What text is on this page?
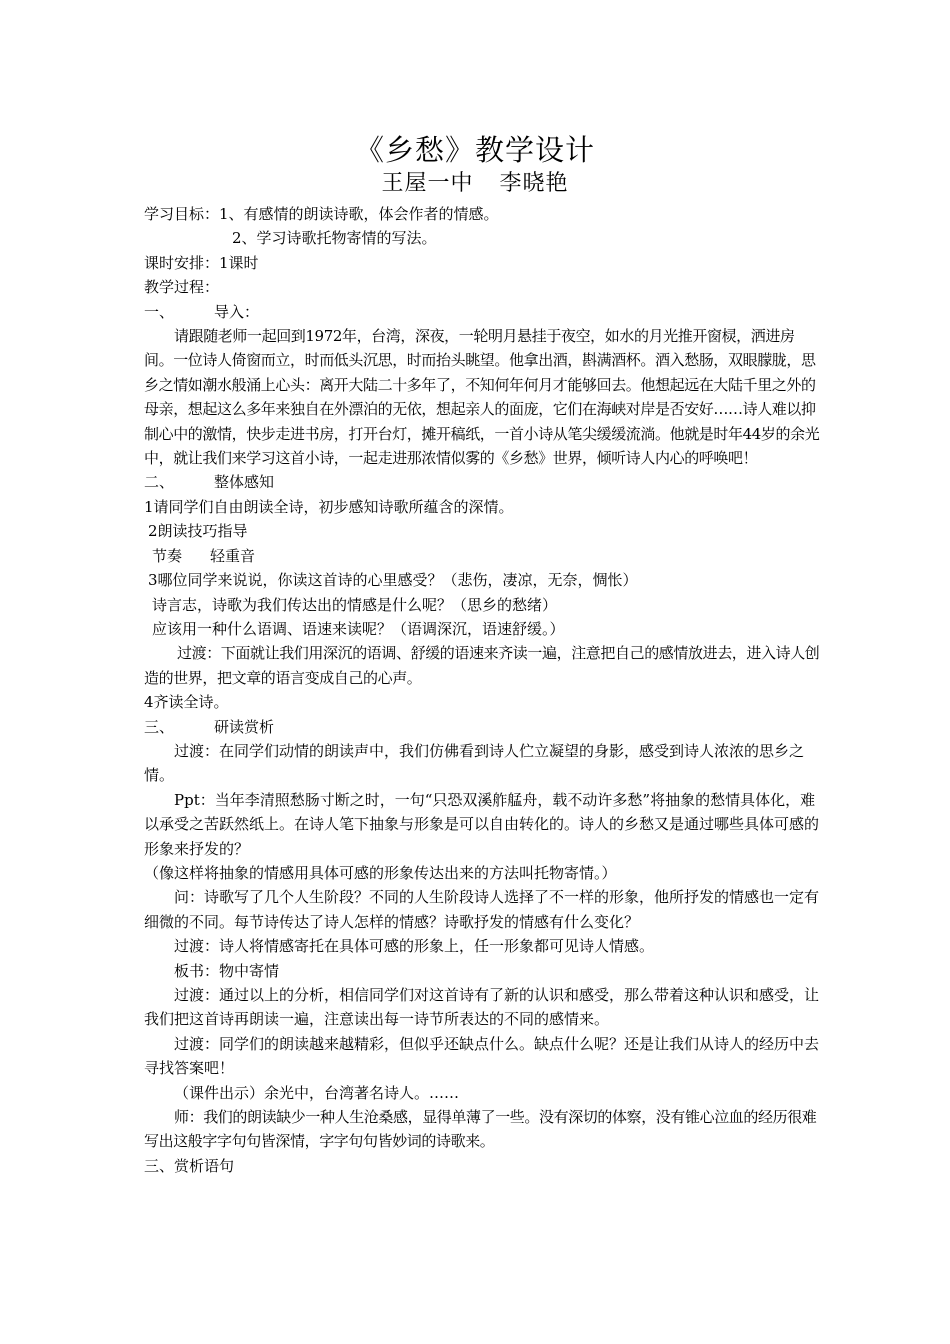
《乡愁》教学设计
王屋一中 李晓艳

学习目标：1、有感情的朗读诗歌，体会作者的情感。

2、学习诗歌托物寄情的写法。

课时安排：1课时

教学过程：

一、	导入：

请跟随老师一起回到1972年，台湾，深夜，一轮明月悬挂于夜空，如水的月光推开窗棂，洒进房间。一位诗人倚窗而立，时而低头沉思，时而抬头眺望。他拿出酒，斟满酒杯。酒入愁肠，双眼朦胧，思乡之情如潮水般涌上心头：离开大陆二十多年了，不知何年何月才能够回去。他想起远在大陆千里之外的母亲，想起这么多年来独自在外漂泊的无依，想起亲人的面庞，它们在海峡对岸是否安好……诗人难以抑制心中的激情，快步走进书房，打开台灯，摊开稿纸，一首小诗从笔尖缓缓流淌。他就是时年44岁的余光中，就让我们来学习这首小诗，一起走进那浓情似雾的《乡愁》世界，倾听诗人内心的呼唤吧！

二、	整体感知

1请同学们自由朗读全诗，初步感知诗歌所蕴含的深情。

2朗读技巧指导

节奏 轻重音

3哪位同学来说说，你读这首诗的心里感受？（悲伤，凄凉，无奈，惆怅）

诗言志，诗歌为我们传达出的情感是什么呢？（思乡的愁绪）

应该用一种什么语调、语速来读呢？（语调深沉，语速舒缓。）

过渡：下面就让我们用深沉的语调、舒缓的语速来齐读一遍，注意把自己的感情放进去，进入诗人创造的世界，把文章的语言变成自己的心声。

4齐读全诗。

三、	研读赏析

过渡：在同学们动情的朗读声中，我们仿佛看到诗人伫立凝望的身影，感受到诗人浓浓的思乡之情。

Ppt：当年李清照愁肠寸断之时，一句“只恐双溪舴艋舟，载不动许多愁”将抽象的愁情具体化，难以承受之苦跃然纸上。在诗人笔下抽象与形象是可以自由转化的。诗人的乡愁又是通过哪些具体可感的形象来抒发的？

（像这样将抽象的情感用具体可感的形象传达出来的方法叫托物寄情。）

问：诗歌写了几个人生阶段？不同的人生阶段诗人选择了不一样的形象，他所抒发的情感也一定有细微的不同。每节诗传达了诗人怎样的情感？诗歌抒发的情感有什么变化？

过渡：诗人将情感寄托在具体可感的形象上，任一形象都可见诗人情感。

板书：物中寄情

过渡：通过以上的分析，相信同学们对这首诗有了新的认识和感受，那么带着这种认识和感受，让我们把这首诗再朗读一遍，注意读出每一诗节所表达的不同的感情来。

过渡：同学们的朗读越来越精彩，但似乎还缺点什么。缺点什么呢？还是让我们从诗人的经历中去寻找答案吧！

（课件出示）余光中，台湾著名诗人。……

师：我们的朗读缺少一种人生沧桑感，显得单薄了一些。没有深切的体察，没有锥心泣血的经历很难写出这般字字句句皆深情，字字句句皆妙词的诗歌来。

三、赏析语句
